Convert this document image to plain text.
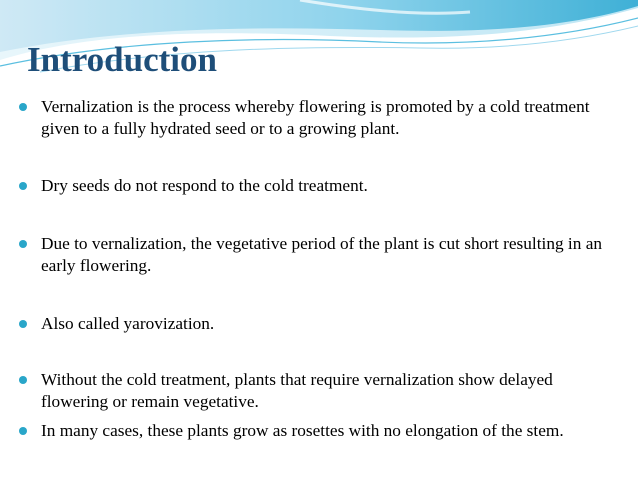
Introduction
Vernalization is the process whereby flowering is promoted by a cold treatment given to a fully hydrated seed or to a growing plant.
Dry seeds do not respond to the cold treatment.
Due to vernalization, the vegetative period of the plant is cut short resulting in an early flowering.
Also called yarovization.
Without the cold treatment, plants that require vernalization show delayed flowering or remain vegetative.
In many cases, these plants grow as rosettes with no elongation of the stem.
